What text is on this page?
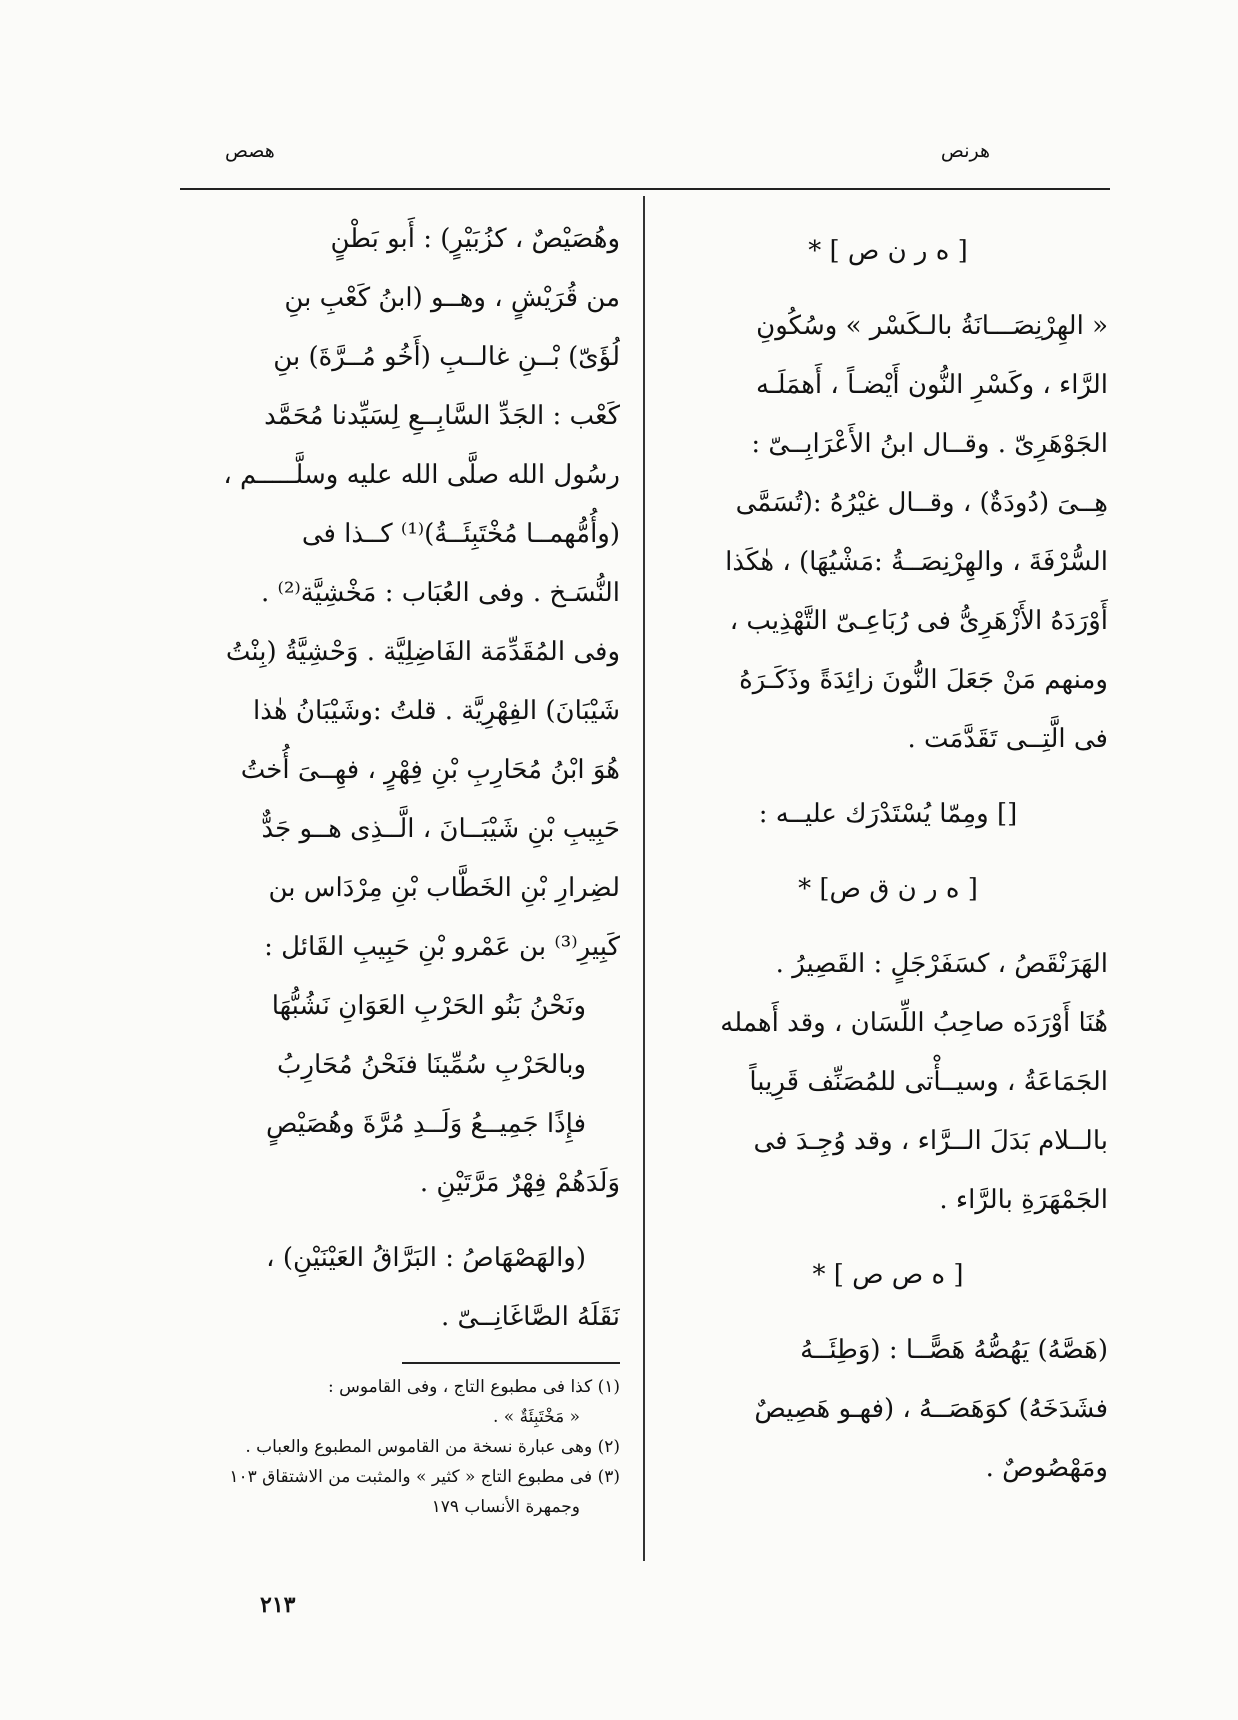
هرنص
هصص
[ ه ر ن ص ] *
« الهِرْنِصَـــانَةُ بالـكَسْر » وسُكُونِ
الرَّاء ، وكَسْرِ النُّون أَيْضـاً ، أَهمَلَـه
الجَوْهَرِىّ . وقــال ابنُ الأَعْرَابِــىّ :
هِــىَ (دُودَةٌ) ، وقــال غيْرُهُ :(تُسَمَّى
السُّرْفَةَ ، والهِرْنِصَــةُ :مَشْيُهَا) ، هٰكَذا
أَوْرَدَهُ الأَزْهَرِىُّ فى رُبَاعِـىّ التَّهْذِيب ،
ومنهم مَنْ جَعَلَ النُّونَ زائِدَةً وذَكَـرَهُ
فى الَّتِــى تَقَدَّمَت .
[] ومِمّا يُسْتَدْرَك عليــه :
[ ه ر ن ق ص] *
الهَرَنْقَصُ ، كسَفَرْجَلٍ : القَصِيرُ .
هُنَا أَوْرَدَه صاحِبُ اللِّسَان ، وقد أَهمله
الجَمَاعَةُ ، وسيــأْتى للمُصَنِّف قَرِيباً
بالــلام بَدَلَ الــرَّاء ، وقد وُجِـدَ فى
الجَمْهَرَةِ بالرَّاء .
[ ه ص ص ] *
(هَصَّهُ) يَهُصُّهُ هَصًّــا : (وَطِئَــهُ
فشَدَخَهُ) كوَهَصَــهُ ، (فهـو هَصِيصٌ
ومَهْصُوصٌ .
وهُصَيْصٌ ، كزُبَيْرٍ) : أَبو بَطْنٍ
من قُرَيْشٍ ، وهــو (ابنُ كَعْبِ بنِ
لُؤَىّ) بْــنِ غالــبِ (أَخُو مُــرَّةَ) بنِ
كَعْب : الجَدِّ السَّابِــعِ لِسَيِّدنا مُحَمَّد
رسُول الله صلَّى الله عليه وسلَّـــــم ،
(وأُمُّهمــا مُخْتَبِئَــةُ)⁽¹⁾ كــذا فى
النُّسَـخ . وفى العُبَاب : مَخْشِيَّة⁽²⁾ .
وفى المُقَدِّمَة الفَاضِلِيَّة . وَحْشِيَّةُ (بِنْتُ
شَيْبَانَ) الفِهْرِيَّة . قلتُ :وشَيْبَانُ هٰذا
هُوَ ابْنُ مُحَارِبِ بْنِ فِهْرٍ ، فهِــىَ أُختُ
حَبِيبِ بْنِ شَيْبَــانَ ، الَّــذِى هــو جَدٌّ
لضِرارِ بْنِ الخَطَّاب بْنِ مِرْدَاس بن
كَبِيرِ⁽³⁾ بن عَمْرو بْنِ حَبِيبِ القَائل :
ونَحْنُ بَنُو الحَرْبِ العَوَانِ نَشُبُّهَا
وبالحَرْبِ سُمِّينَا فنَحْنُ مُحَارِبُ
فإِذًا جَمِيــعُ وَلَــدِ مُرَّةَ وهُصَيْصٍ
وَلَدَهُمْ فِهْرٌ مَرَّتَيْنِ .
(والهَصْهَاصُ : البَرَّاقُ العَيْنَيْنِ) ،
نَقَلَهُ الصَّاغَانِــىّ .
(١) كذا فى مطبوع التاج ، وفى القاموس :
« مَخْتَبِئَةٌ » .
(٢) وهى عبارة نسخة من القاموس المطبوع والعباب .
(٣) فى مطبوع التاج « كثير » والمثبت من الاشتقاق ١٠٣
وجمهرة الأنساب ١٧٩
٢١٣
